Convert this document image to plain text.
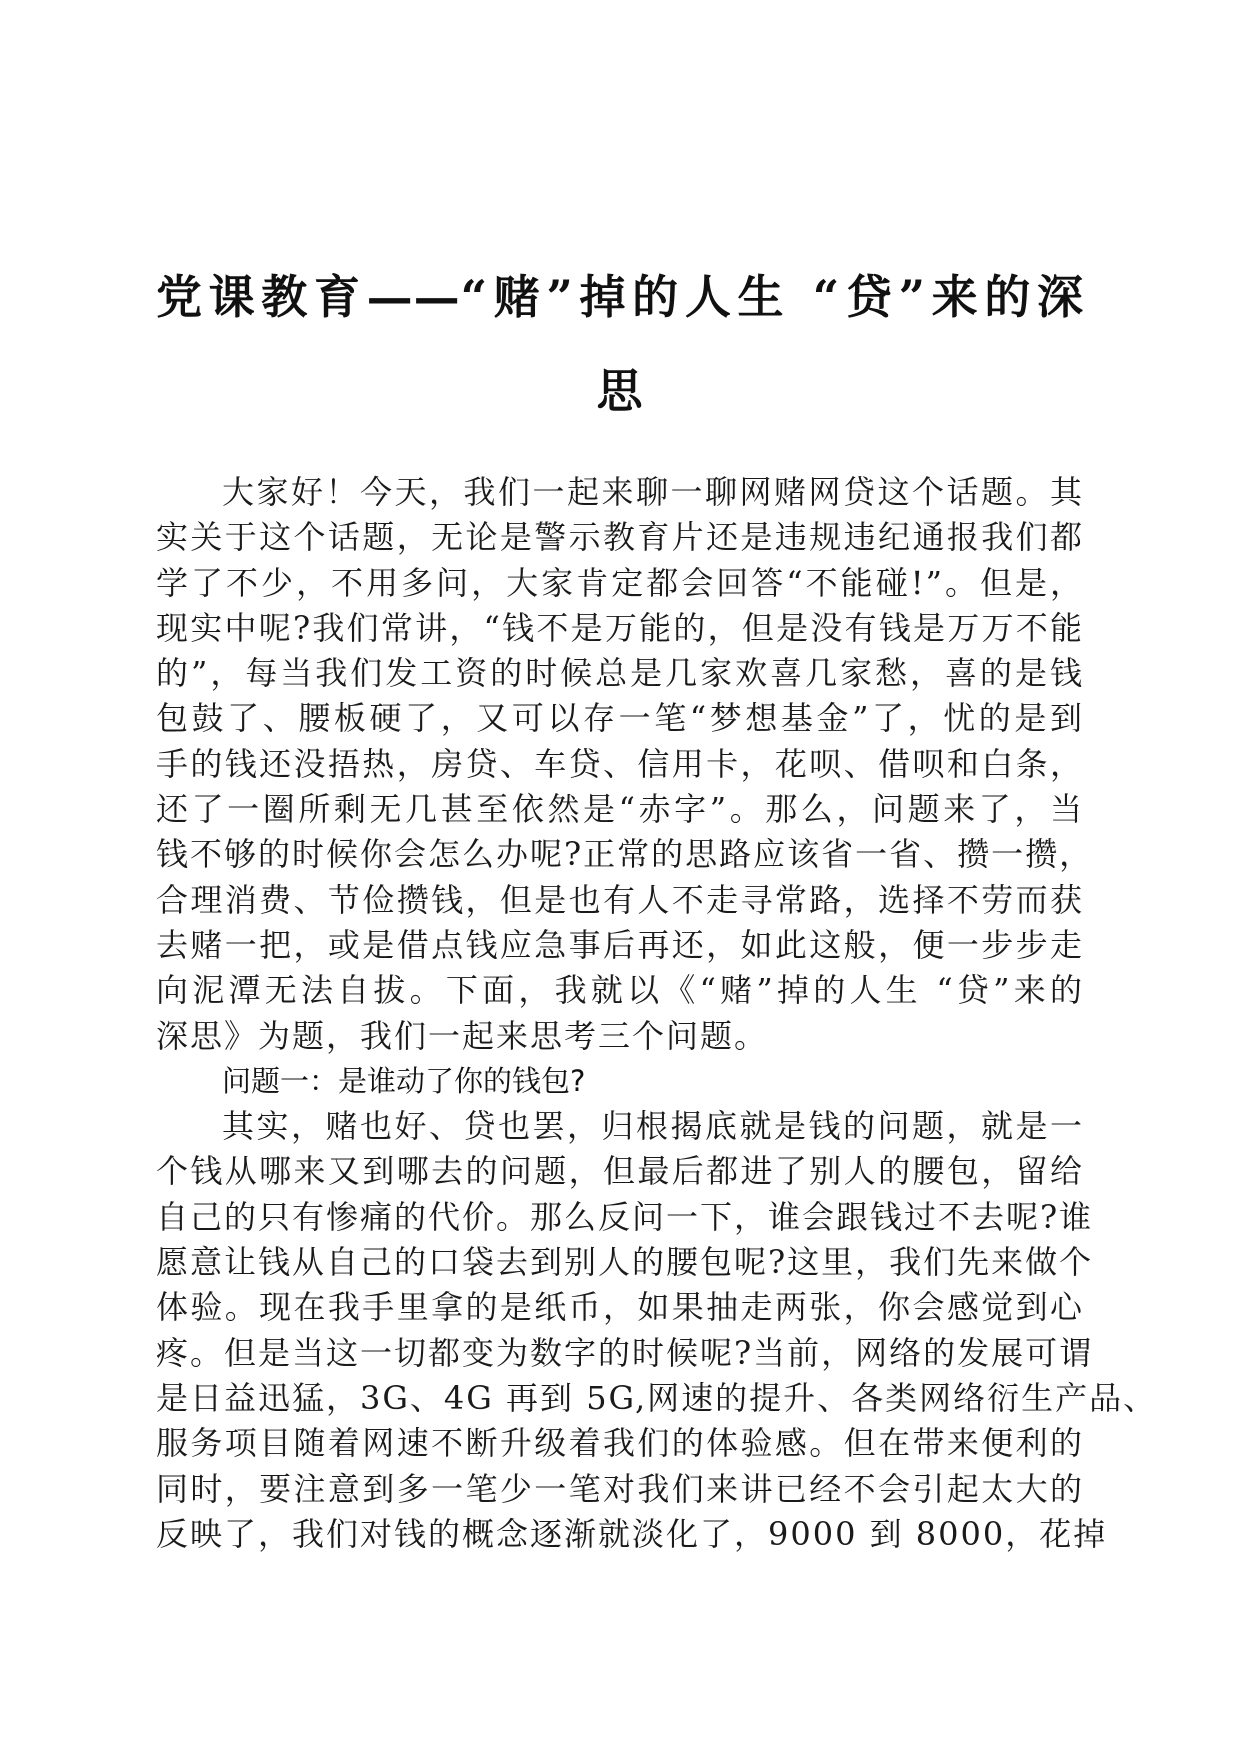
党课教育——“赌”掉的人生 “贷”来的深
思

大家好！今天，我们一起来聊一聊网赌网贷这个话题。其
实关于这个话题，无论是警示教育片还是违规违纪通报我们都
学了不少，不用多问，大家肯定都会回答“不能碰!”。但是，
现实中呢?我们常讲，“钱不是万能的，但是没有钱是万万不能
的”，每当我们发工资的时候总是几家欢喜几家愁，喜的是钱
包鼓了、腰板硬了，又可以存一笔“梦想基金”了，忧的是到
手的钱还没捂热，房贷、车贷、信用卡，花呗、借呗和白条，
还了一圈所剩无几甚至依然是“赤字”。那么，问题来了，当
钱不够的时候你会怎么办呢?正常的思路应该省一省、攒一攒，
合理消费、节俭攒钱，但是也有人不走寻常路，选择不劳而获
去赌一把，或是借点钱应急事后再还，如此这般，便一步步走
向泥潭无法自拔。下面，我就以《“赌”掉的人生 “贷”来的
深思》为题，我们一起来思考三个问题。

问题一：是谁动了你的钱包?

其实，赌也好、贷也罢，归根揭底就是钱的问题，就是一
个钱从哪来又到哪去的问题，但最后都进了别人的腰包，留给
自己的只有惨痛的代价。那么反问一下，谁会跟钱过不去呢?谁
愿意让钱从自己的口袋去到别人的腰包呢?这里，我们先来做个
体验。现在我手里拿的是纸币，如果抽走两张，你会感觉到心
疼。但是当这一切都变为数字的时候呢?当前，网络的发展可谓
是日益迅猛，3G、4G 再到 5G,网速的提升、各类网络衍生产品、
服务项目随着网速不断升级着我们的体验感。但在带来便利的
同时，要注意到多一笔少一笔对我们来讲已经不会引起太大的
反映了，我们对钱的概念逐渐就淡化了，9000 到 8000，花掉
